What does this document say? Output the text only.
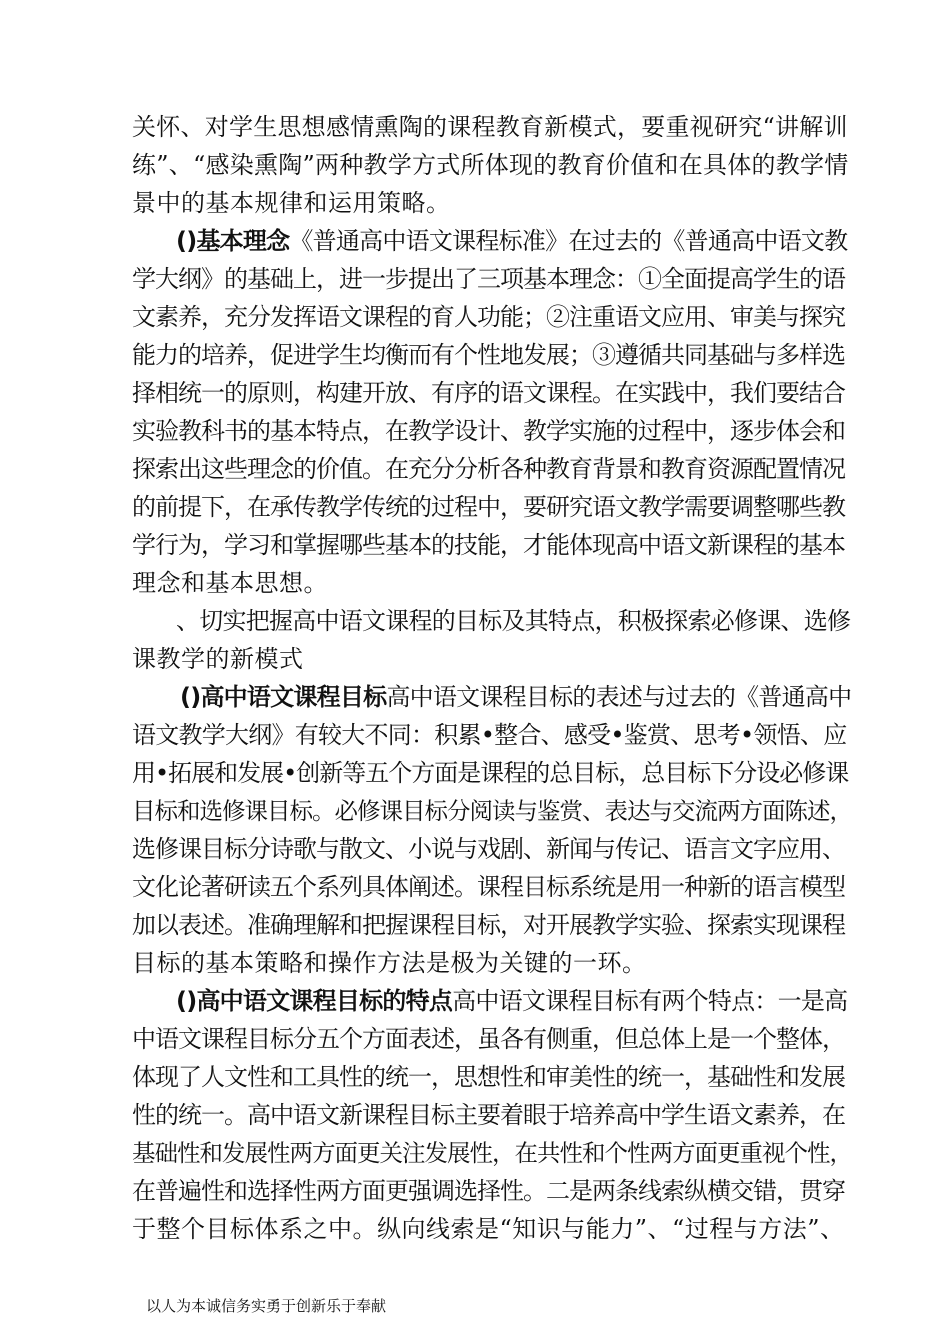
关怀、对学生思想感情熏陶的课程教育新模式，要重视研究“讲解训
练”、“感染熏陶”两种教学方式所体现的教育价值和在具体的教学情
景中的基本规律和运用策略。
()基本理念《普通高中语文课程标准》在过去的《普通高中语文教
学大纲》的基础上，进一步提出了三项基本理念：①全面提高学生的语
文素养，充分发挥语文课程的育人功能；②注重语文应用、审美与探究
能力的培养，促进学生均衡而有个性地发展；③遵循共同基础与多样选
择相统一的原则，构建开放、有序的语文课程。在实践中，我们要结合
实验教科书的基本特点，在教学设计、教学实施的过程中，逐步体会和
探索出这些理念的价值。在充分分析各种教育背景和教育资源配置情况
的前提下，在承传教学传统的过程中，要研究语文教学需要调整哪些教
学行为，学习和掌握哪些基本的技能，才能体现高中语文新课程的基本
理念和基本思想。
、切实把握高中语文课程的目标及其特点，积极探索必修课、选修
课教学的新模式
()高中语文课程目标高中语文课程目标的表述与过去的《普通高中
语文教学大纲》有较大不同：积累•整合、感受•鉴赏、思考•领悟、应
用•拓展和发展•创新等五个方面是课程的总目标，总目标下分设必修课
目标和选修课目标。必修课目标分阅读与鉴赏、表达与交流两方面陈述，
选修课目标分诗歌与散文、小说与戏剧、新闻与传记、语言文字应用、
文化论著研读五个系列具体阐述。课程目标系统是用一种新的语言模型
加以表述。准确理解和把握课程目标，对开展教学实验、探索实现课程
目标的基本策略和操作方法是极为关键的一环。
()高中语文课程目标的特点高中语文课程目标有两个特点：一是高
中语文课程目标分五个方面表述，虽各有侧重，但总体上是一个整体，
体现了人文性和工具性的统一，思想性和审美性的统一，基础性和发展
性的统一。高中语文新课程目标主要着眼于培养高中学生语文素养，在
基础性和发展性两方面更关注发展性，在共性和个性两方面更重视个性，
在普遍性和选择性两方面更强调选择性。二是两条线索纵横交错，贯穿
于整个目标体系之中。纵向线索是“知识与能力”、“过程与方法”、
以人为本诚信务实勇于创新乐于奉献
